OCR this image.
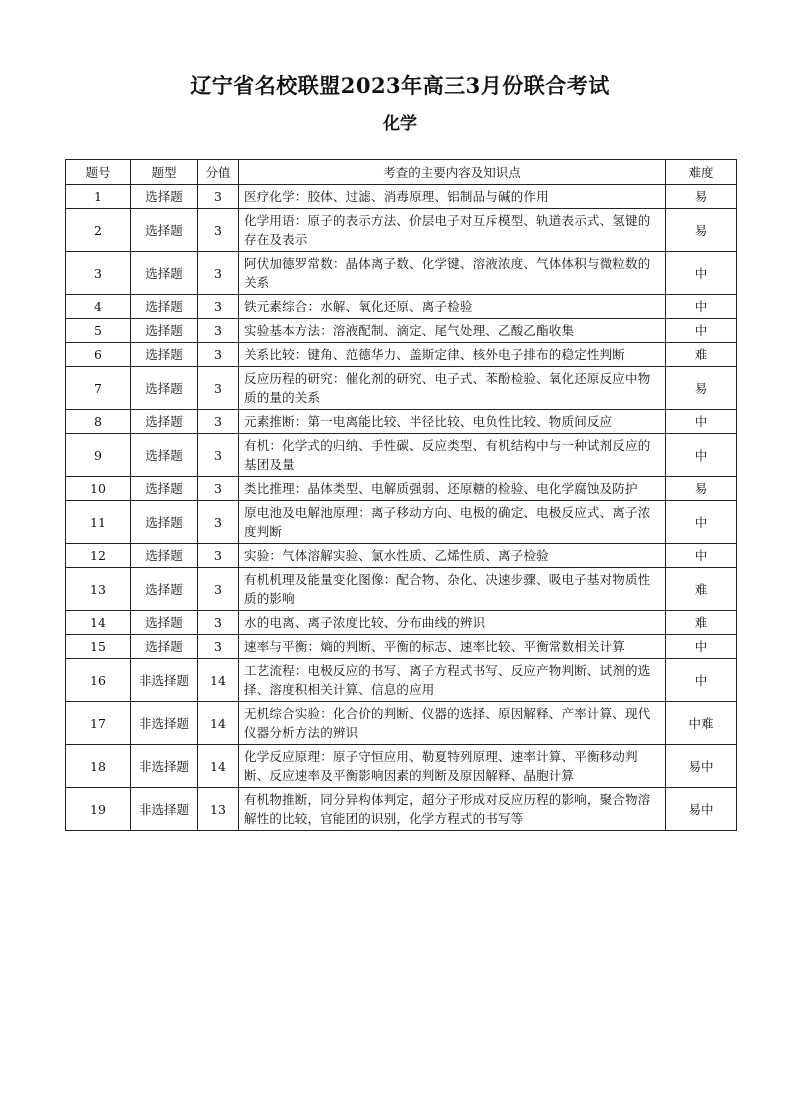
辽宁省名校联盟2023年高三3月份联合考试
化学
题号	题型	分值	考查的主要内容及知识点	难度
1	选择题	3	医疗化学：胶体、过滤、消毒原理、铝制品与碱的作用	易
2	选择题	3	化学用语：原子的表示方法、价层电子对互斥模型、轨道表示式、氢键的存在及表示	易
3	选择题	3	阿伏加德罗常数：晶体离子数、化学键、溶液浓度、气体体积与微粒数的关系	中
4	选择题	3	铁元素综合：水解、氧化还原、离子检验	中
5	选择题	3	实验基本方法：溶液配制、滴定、尾气处理、乙酸乙酯收集	中
6	选择题	3	关系比较：键角、范德华力、盖斯定律、核外电子排布的稳定性判断	难
7	选择题	3	反应历程的研究：催化剂的研究、电子式、苯酚检验、氧化还原反应中物质的量的关系	易
8	选择题	3	元素推断：第一电离能比较、半径比较、电负性比较、物质间反应	中
9	选择题	3	有机：化学式的归纳、手性碳、反应类型、有机结构中与一种试剂反应的基团及量	中
10	选择题	3	类比推理：晶体类型、电解质强弱、还原糖的检验、电化学腐蚀及防护	易
11	选择题	3	原电池及电解池原理：离子移动方向、电极的确定、电极反应式、离子浓度判断	中
12	选择题	3	实验：气体溶解实验、氯水性质、乙烯性质、离子检验	中
13	选择题	3	有机机理及能量变化图像：配合物、杂化、决速步骤、吸电子基对物质性质的影响	难
14	选择题	3	水的电离、离子浓度比较、分布曲线的辨识	难
15	选择题	3	速率与平衡：熵的判断、平衡的标志、速率比较、平衡常数相关计算	中
16	非选择题	14	工艺流程：电极反应的书写、离子方程式书写、反应产物判断、试剂的选择、溶度积相关计算、信息的应用	中
17	非选择题	14	无机综合实验：化合价的判断、仪器的选择、原因解释、产率计算、现代仪器分析方法的辨识	中难
18	非选择题	14	化学反应原理：原子守恒应用、勒夏特列原理、速率计算、平衡移动判断、反应速率及平衡影响因素的判断及原因解释、晶胞计算	易中
19	非选择题	13	有机物推断，同分异构体判定，超分子形成对反应历程的影响，聚合物溶解性的比较，官能团的识别，化学方程式的书写等	易中
